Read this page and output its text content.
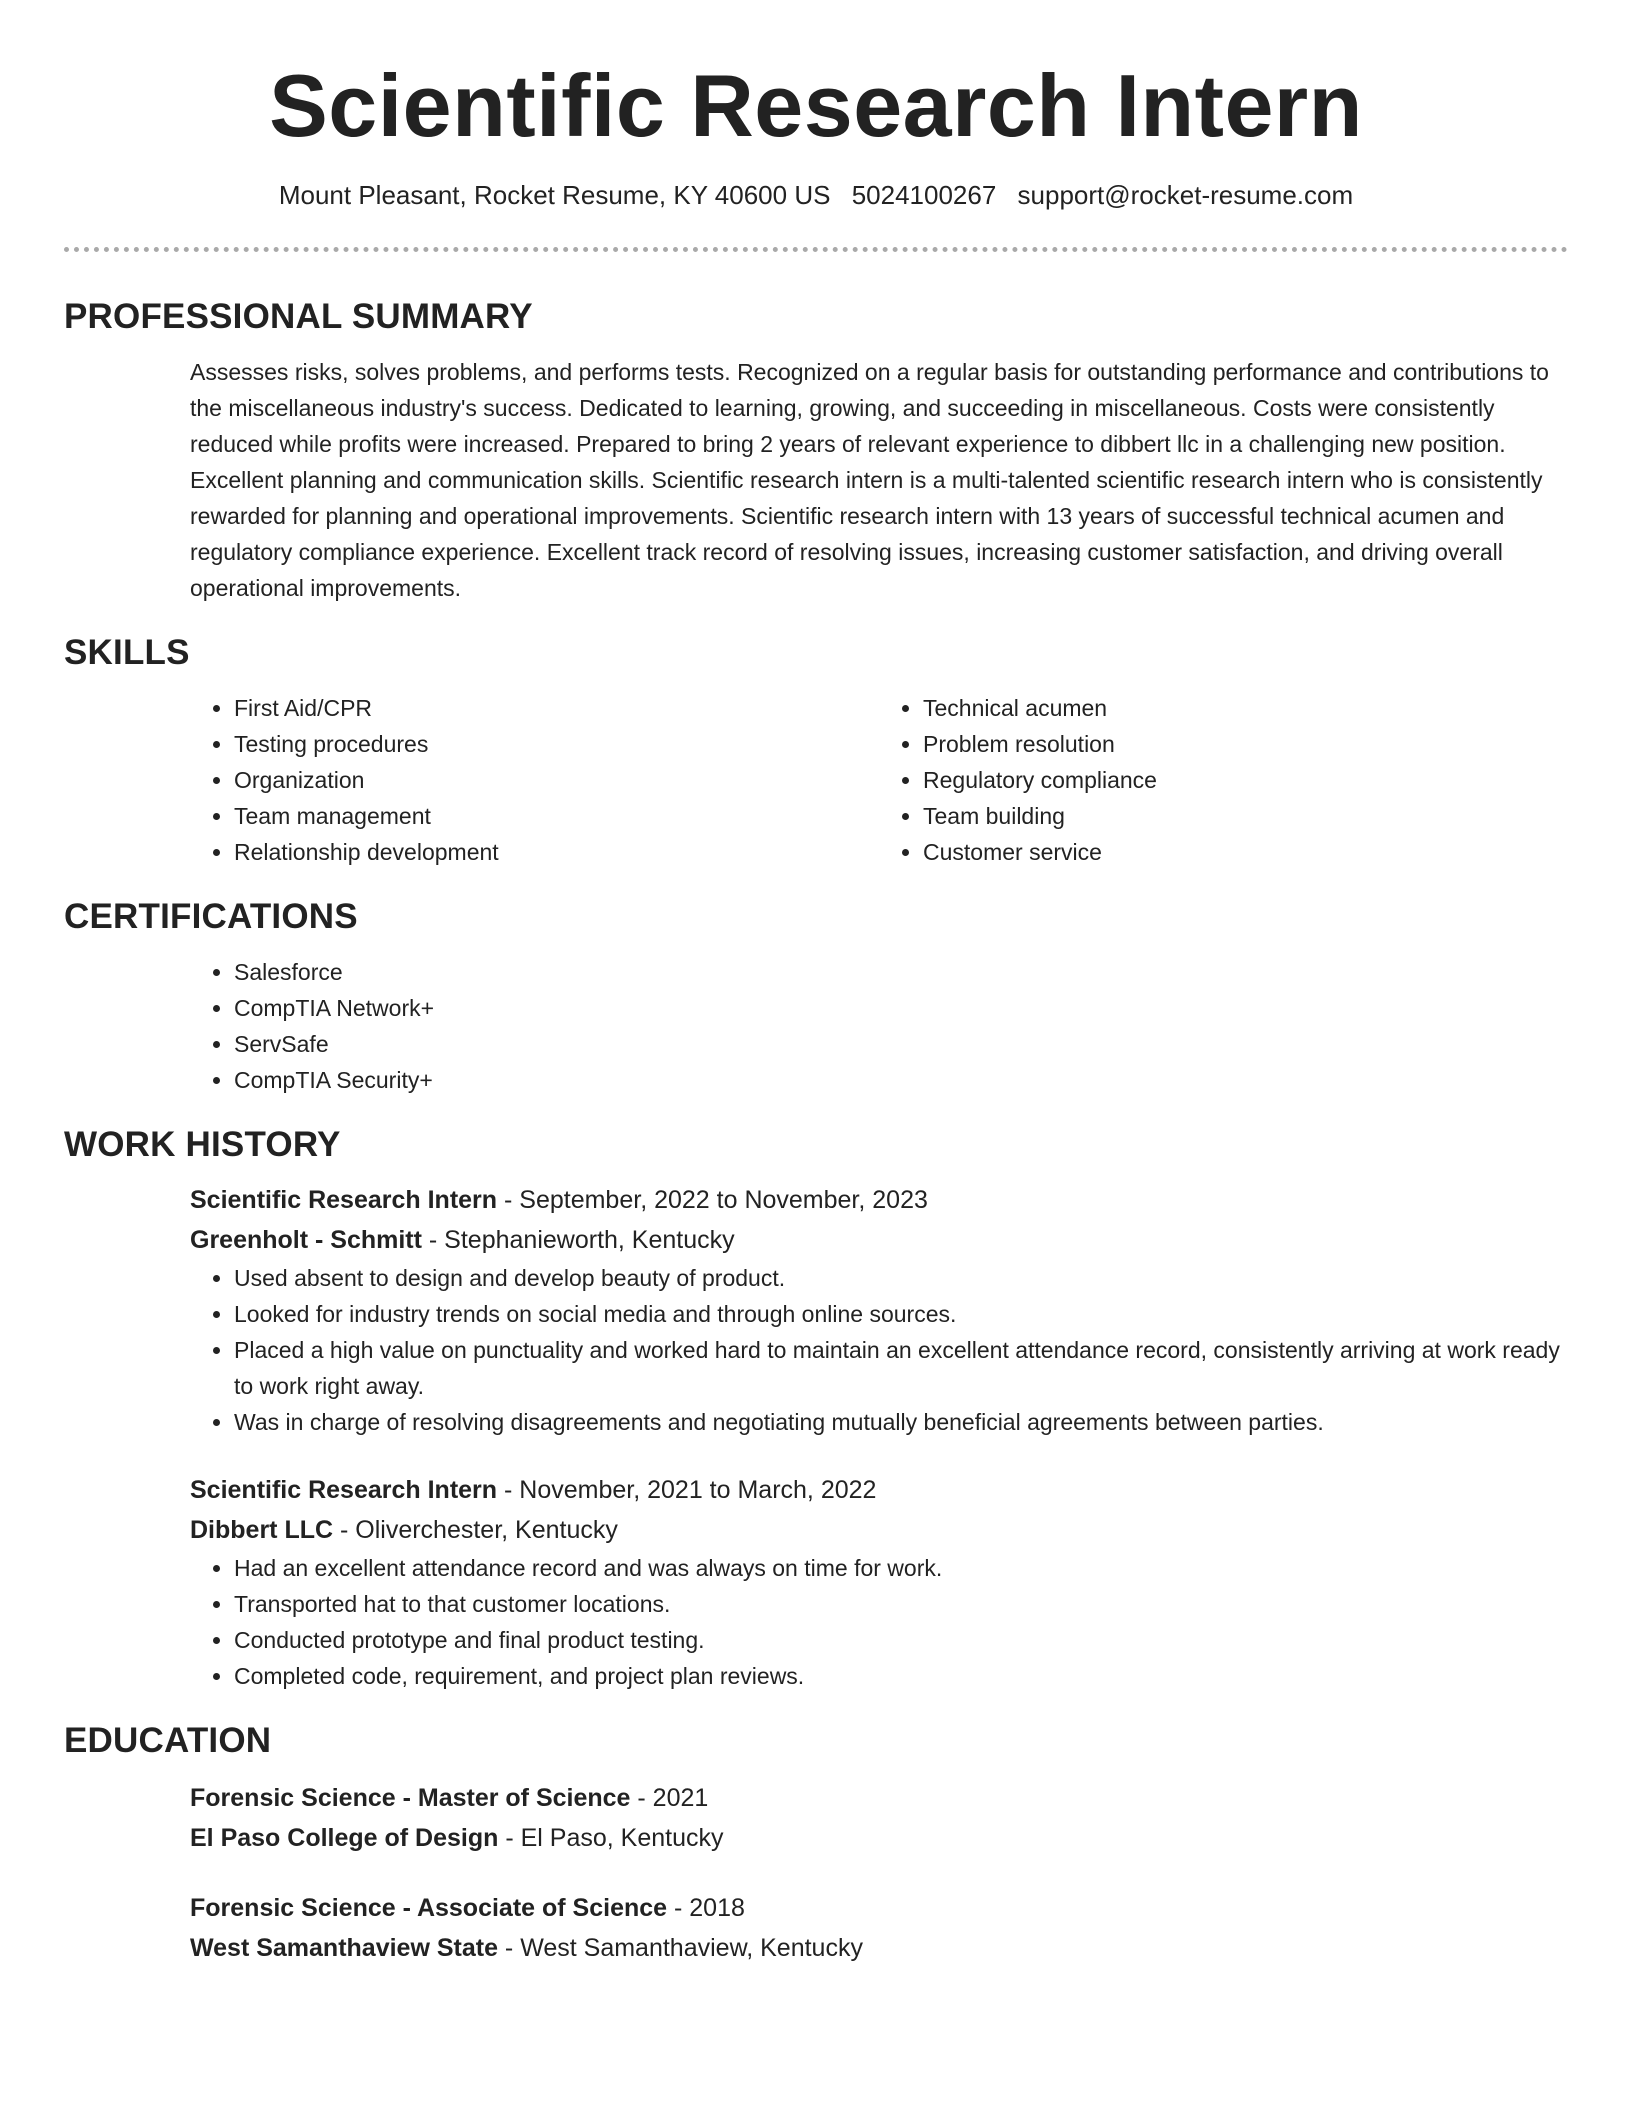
Scientific Research Intern
Mount Pleasant, Rocket Resume, KY 40600 US 5024100267 support@rocket-resume.com
PROFESSIONAL SUMMARY
Assesses risks, solves problems, and performs tests. Recognized on a regular basis for outstanding performance and contributions to the miscellaneous industry's success. Dedicated to learning, growing, and succeeding in miscellaneous. Costs were consistently reduced while profits were increased. Prepared to bring 2 years of relevant experience to dibbert llc in a challenging new position. Excellent planning and communication skills. Scientific research intern is a multi-talented scientific research intern who is consistently rewarded for planning and operational improvements. Scientific research intern with 13 years of successful technical acumen and regulatory compliance experience. Excellent track record of resolving issues, increasing customer satisfaction, and driving overall operational improvements.
SKILLS
• First Aid/CPR
• Testing procedures
• Organization
• Team management
• Relationship development
• Technical acumen
• Problem resolution
• Regulatory compliance
• Team building
• Customer service
CERTIFICATIONS
• Salesforce
• CompTIA Network+
• ServSafe
• CompTIA Security+
WORK HISTORY
Scientific Research Intern - September, 2022 to November, 2023
Greenholt - Schmitt - Stephanieworth, Kentucky
• Used absent to design and develop beauty of product.
• Looked for industry trends on social media and through online sources.
• Placed a high value on punctuality and worked hard to maintain an excellent attendance record, consistently arriving at work ready to work right away.
• Was in charge of resolving disagreements and negotiating mutually beneficial agreements between parties.
Scientific Research Intern - November, 2021 to March, 2022
Dibbert LLC - Oliverchester, Kentucky
• Had an excellent attendance record and was always on time for work.
• Transported hat to that customer locations.
• Conducted prototype and final product testing.
• Completed code, requirement, and project plan reviews.
EDUCATION
Forensic Science - Master of Science - 2021
El Paso College of Design - El Paso, Kentucky
Forensic Science - Associate of Science - 2018
West Samanthaview State - West Samanthaview, Kentucky
